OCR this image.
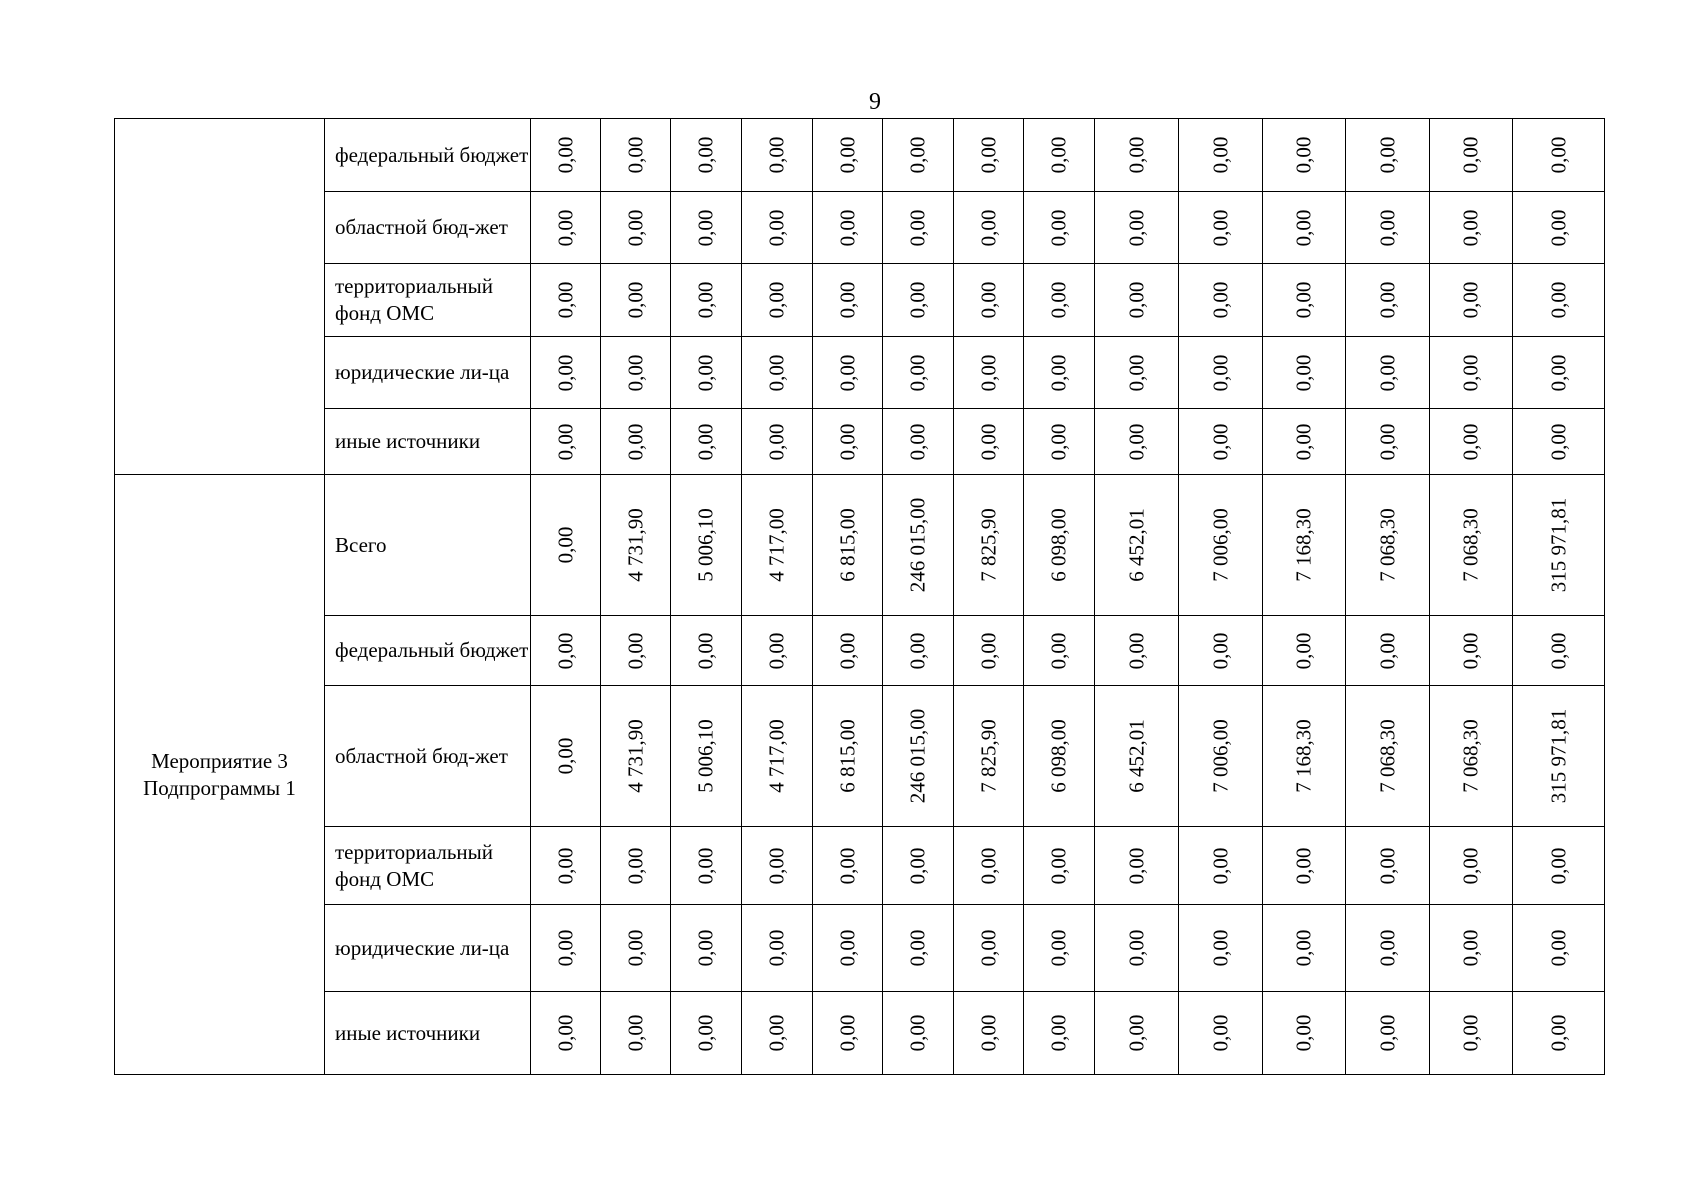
9
	федеральный бюджет	0,00	0,00	0,00	0,00	0,00	0,00	0,00	0,00	0,00	0,00	0,00	0,00	0,00	0,00

	областной бюд-жет	0,00	0,00	0,00	0,00	0,00	0,00	0,00	0,00	0,00	0,00	0,00	0,00	0,00	0,00

	территориальный фонд ОМС	0,00	0,00	0,00	0,00	0,00	0,00	0,00	0,00	0,00	0,00	0,00	0,00	0,00	0,00

	юридические ли-ца	0,00	0,00	0,00	0,00	0,00	0,00	0,00	0,00	0,00	0,00	0,00	0,00	0,00	0,00

	иные источники	0,00	0,00	0,00	0,00	0,00	0,00	0,00	0,00	0,00	0,00	0,00	0,00	0,00	0,00

Мероприятие 3 Подпрограммы 1	Всего	0,00	4 731,90	5 006,10	4 717,00	6 815,00	246 015,00	7 825,90	6 098,00	6 452,01	7 006,00	7 168,30	7 068,30	7 068,30	315 971,81

	федеральный бюджет	0,00	0,00	0,00	0,00	0,00	0,00	0,00	0,00	0,00	0,00	0,00	0,00	0,00	0,00

	областной бюд-жет	0,00	4 731,90	5 006,10	4 717,00	6 815,00	246 015,00	7 825,90	6 098,00	6 452,01	7 006,00	7 168,30	7 068,30	7 068,30	315 971,81

	территориальный фонд ОМС	0,00	0,00	0,00	0,00	0,00	0,00	0,00	0,00	0,00	0,00	0,00	0,00	0,00	0,00

	юридические ли-ца	0,00	0,00	0,00	0,00	0,00	0,00	0,00	0,00	0,00	0,00	0,00	0,00	0,00	0,00

	иные источники	0,00	0,00	0,00	0,00	0,00	0,00	0,00	0,00	0,00	0,00	0,00	0,00	0,00	0,00
